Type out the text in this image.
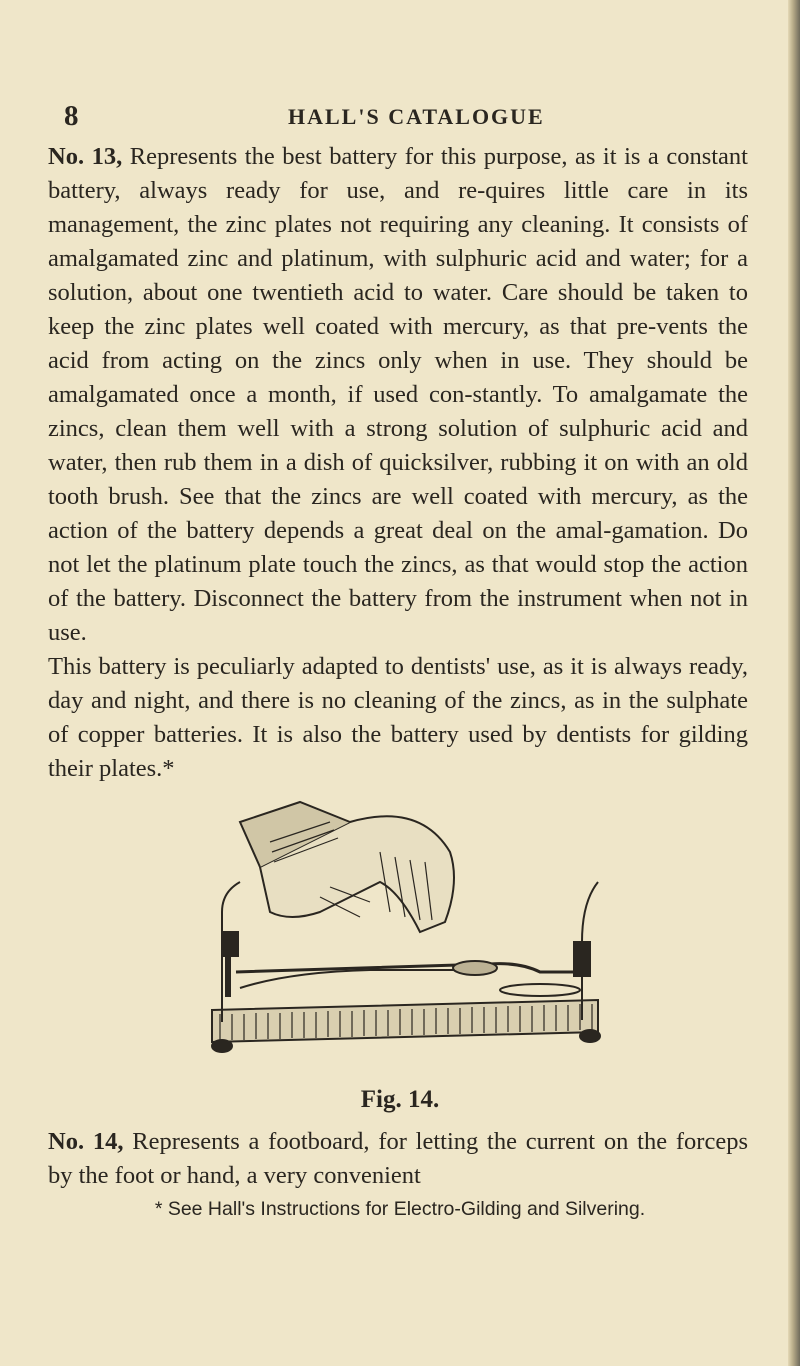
8	HALL'S CATALOGUE

No. 13, Represents the best battery for this purpose, as it is a constant battery, always ready for use, and re-quires little care in its management, the zinc plates not requiring any cleaning. It consists of amalgamated zinc and platinum, with sulphuric acid and water; for a solution, about one twentieth acid to water. Care should be taken to keep the zinc plates well coated with mercury, as that pre-vents the acid from acting on the zincs only when in use. They should be amalgamated once a month, if used con-stantly. To amalgamate the zincs, clean them well with a strong solution of sulphuric acid and water, then rub them in a dish of quicksilver, rubbing it on with an old tooth brush. See that the zincs are well coated with mercury, as the action of the battery depends a great deal on the amal-gamation. Do not let the platinum plate touch the zincs, as that would stop the action of the battery. Disconnect the battery from the instrument when not in use.

This battery is peculiarly adapted to dentists' use, as it is always ready, day and night, and there is no cleaning of the zincs, as in the sulphate of copper batteries. It is also the battery used by dentists for gilding their plates.*

Fig. 14.
No. 14, Represents a footboard, for letting the current on the forceps by the foot or hand, a very convenient
* See Hall's Instructions for Electro-Gilding and Silvering.
